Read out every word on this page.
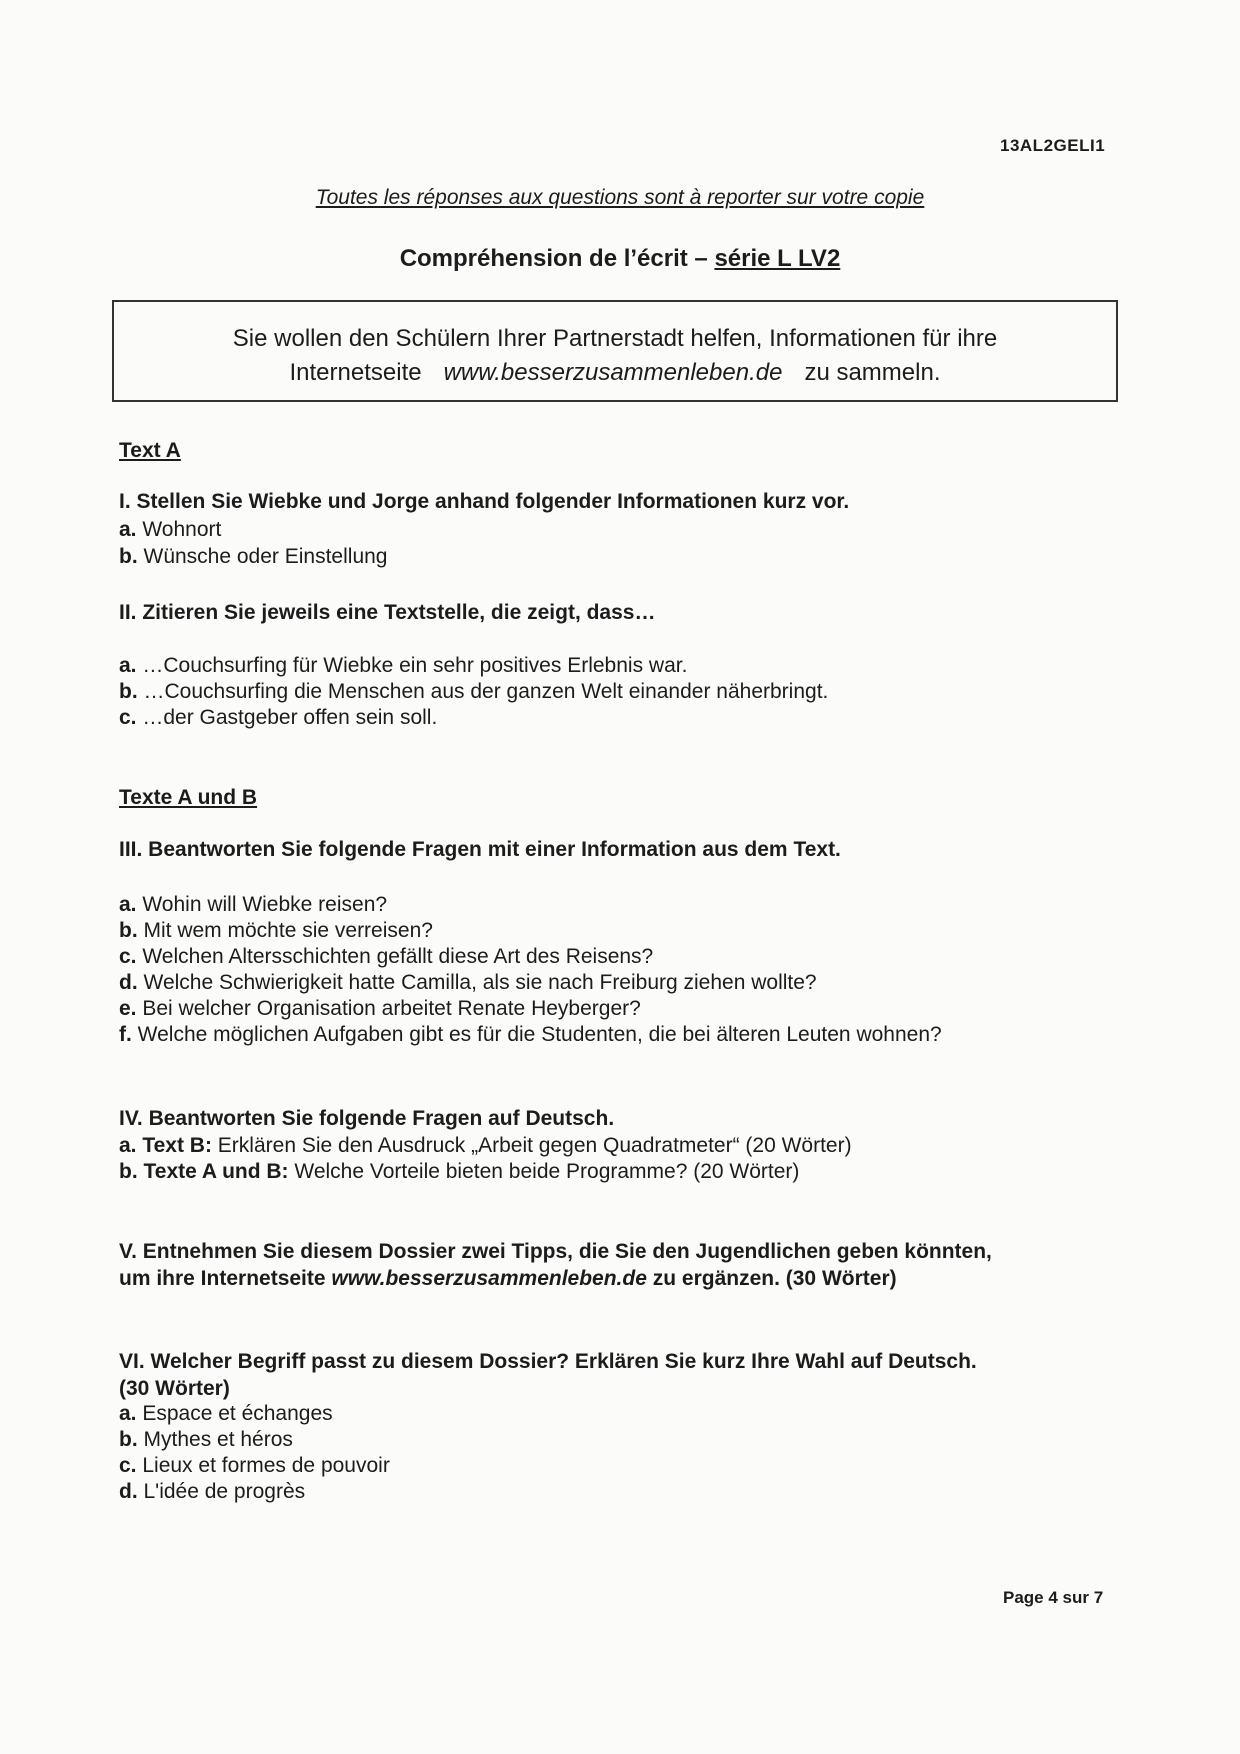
13AL2GELI1
Toutes les réponses aux questions sont à reporter sur votre copie
Compréhension de l’écrit – série L LV2
Sie wollen den Schülern Ihrer Partnerstadt helfen, Informationen für ihre
Internetseite www.besserzusammenleben.de zu sammeln.
Text A
I. Stellen Sie Wiebke und Jorge anhand folgender Informationen kurz vor.
a. Wohnort
b. Wünsche oder Einstellung
II. Zitieren Sie jeweils eine Textstelle, die zeigt, dass…
a. …Couchsurfing für Wiebke ein sehr positives Erlebnis war.
b. …Couchsurfing die Menschen aus der ganzen Welt einander näherbringt.
c. …der Gastgeber offen sein soll.
Texte A und B
III. Beantworten Sie folgende Fragen mit einer Information aus dem Text.
a. Wohin will Wiebke reisen?
b. Mit wem möchte sie verreisen?
c. Welchen Altersschichten gefällt diese Art des Reisens?
d. Welche Schwierigkeit hatte Camilla, als sie nach Freiburg ziehen wollte?
e. Bei welcher Organisation arbeitet Renate Heyberger?
f. Welche möglichen Aufgaben gibt es für die Studenten, die bei älteren Leuten wohnen?
IV. Beantworten Sie folgende Fragen auf Deutsch.
a. Text B: Erklären Sie den Ausdruck „Arbeit gegen Quadratmeter“ (20 Wörter)
b. Texte A und B: Welche Vorteile bieten beide Programme? (20 Wörter)
V. Entnehmen Sie diesem Dossier zwei Tipps, die Sie den Jugendlichen geben könnten,
um ihre Internetseite www.besserzusammenleben.de zu ergänzen. (30 Wörter)
VI. Welcher Begriff passt zu diesem Dossier? Erklären Sie kurz Ihre Wahl auf Deutsch.
(30 Wörter)
a. Espace et échanges
b. Mythes et héros
c. Lieux et formes de pouvoir
d. L'idée de progrès
Page 4 sur 7
